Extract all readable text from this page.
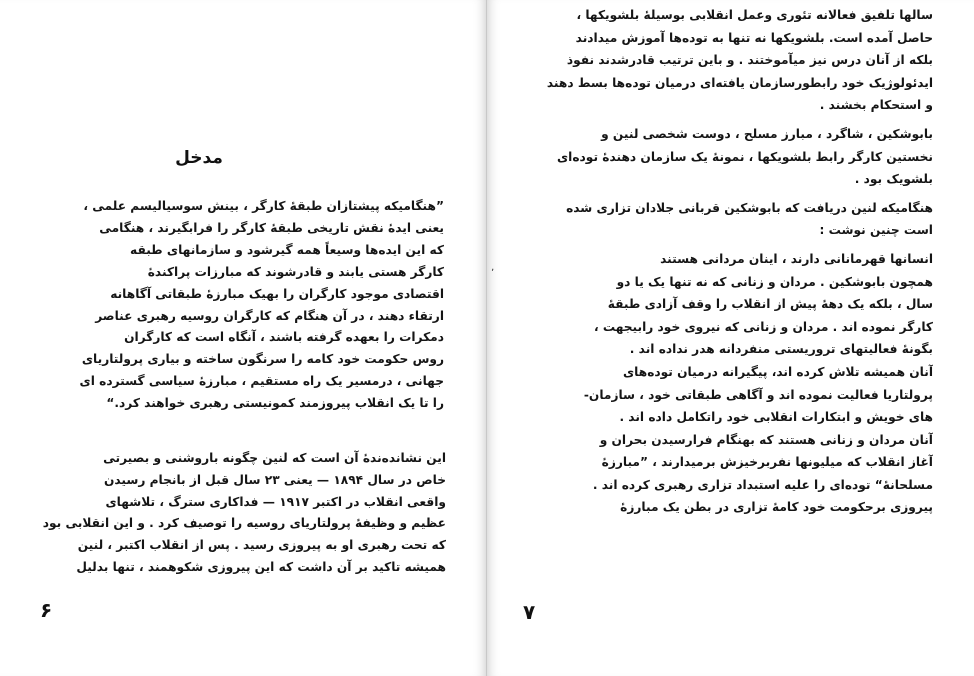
مدخل
”هنگامیکه پیشتازان طبقهٔ کارگر ، بینش سوسیالیسم علمی ،
یعنی ایده‌ٔ نقش تاریخی طبقهٔ کارگر را فرابگیرند ، هنگامی
که این ایده‌ها وسیعاً همه گیرشود و سازمانهای طبقه
کارگر هستی یابند و قادرشوند که مبارزات پراکندهٔ
اقتصادی موجود کارگران را بهیک مبارزهٔ طبقاتی آگاهانه
ارتقاء دهند ، در آن هنگام که کارگران روسیه رهبری عناصر
دمکرات را بعهده گرفته باشند ، آنگاه است که کارگران
روس حکومت خود کامه را سرنگون ساخته و بیاری پرولتاریای
جهانی ، درمسیر یک راه مستقیم ، مبارزهٔ سیاسی گسترده ای
را تا یک انقلاب پیروزمند کمونیستی رهبری خواهند کرد.“
این نشانده‌ندهٔ آن است که لنین چگونه باروشنی و بصیرتی
خاص در سال ۱۸۹۴ — یعنی ۲۳ سال قبل از بانجام رسیدن
واقعی انقلاب در اکتبر ۱۹۱۷ — فداکاری سترگ ، تلاشهای
عظیم و وظیفهٔ پرولتاریای روسیه را توصیف کرد . و این انقلابی بود
که تحت رهبری او به پیروزی رسید . پس از انقلاب اکتبر ، لنین
همیشه تاکید بر آن داشت که این پیروزی شکوهمند ، تنها بدلیل
۶
٬
سالها تلفیق فعالانه تئوری وعمل انقلابی بوسیلهٔ بلشویکها ،
حاصل آمده است. بلشویکها نه تنها به توده‌ها آموزش میدادند
بلکه از آنان درس نیز میآموختند . و باین ترتیب قادرشدند نفوذ
ایدئولوژیک خود رابطورسازمان یافته‌ای درمیان توده‌ها بسط دهند
و استحکام بخشند .
بابوشکین ، شاگرد ، مبارز مسلح ، دوست شخصی لنین و
نخستین کارگر رابط بلشویکها ، نمونهٔ یک سازمان دهندهٔ توده‌ای
بلشویک بود .
هنگامیکه لنین دریافت که بابوشکین قربانی جلادان تزاری شده
است چنین نوشت :
انسانها قهرمانانی دارند ، اینان مردانی هستند
همچون بابوشکین . مردان و زنانی که نه تنها یک یا دو
سال ، بلکه یک دههٔ پیش از انقلاب را وقف آزادی طبقهٔ
کارگر نموده اند . مردان و زنانی که نیروی خود رابیجهت ،
بگونهٔ فعالیتهای تروریستی منفردانه هدر نداده اند .
آنان همیشه تلاش کرده اند، پیگیرانه درمیان توده‌های
پرولتاریا فعالیت نموده اند و آگاهی طبقاتی خود ، سازمان-
های خویش و ابتکارات انقلابی خود راتکامل داده اند .
آنان مردان و زنانی هستند که بهنگام فرارسیدن بحران و
آغاز انقلاب که میلیونها نفربرخیزش برمیدارند ، ”مبارزهٔ
مسلحانهٔ“ توده‌ای را علیه استبداد تزاری رهبری کرده اند .
پیروزی برحکومت خود کامهٔ تزاری در بطن یک مبارزهٔ
۷
